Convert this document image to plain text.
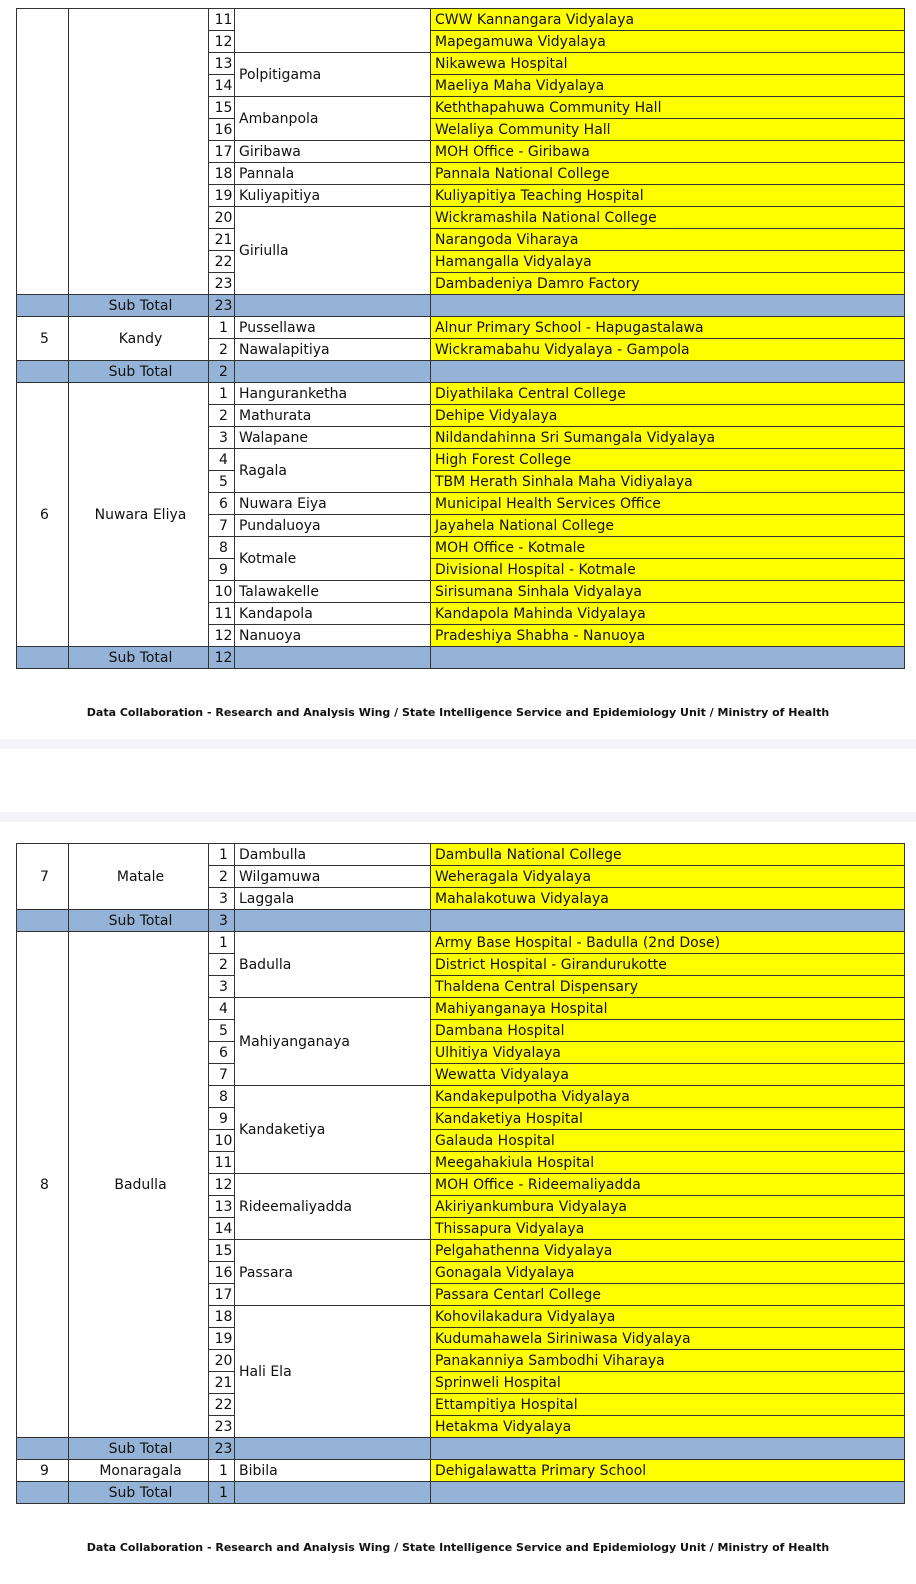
		11		CWW Kannangara Vidyalaya
		12		Mapegamuwa Vidyalaya
		13	Polpitigama	Nikawewa Hospital
		14		Maeliya Maha Vidyalaya
		15	Ambanpola	Keththapahuwa Community Hall
		16		Welaliya Community Hall
		17	Giribawa	MOH Office - Giribawa
		18	Pannala	Pannala National College
		19	Kuliyapitiya	Kuliyapitiya Teaching Hospital
		20	Giriulla	Wickramashila National College
		21		Narangoda Viharaya
		22		Hamangalla Vidyalaya
		23		Dambadeniya Damro Factory
	Sub Total	23		
5	Kandy	1	Pussellawa	Alnur Primary School - Hapugastalawa
		2	Nawalapitiya	Wickramabahu Vidyalaya - Gampola
	Sub Total	2		
6	Nuwara Eliya	1	Hanguranketha	Diyathilaka Central College
		2	Mathurata	Dehipe Vidyalaya
		3	Walapane	Nildandahinna Sri Sumangala Vidyalaya
		4	Ragala	High Forest College
		5		TBM Herath Sinhala Maha Vidiyalaya
		6	Nuwara Eiya	Municipal Health Services Office
		7	Pundaluoya	Jayahela National College
		8	Kotmale	MOH Office - Kotmale
		9		Divisional Hospital - Kotmale
		10	Talawakelle	Sirisumana Sinhala Vidyalaya
		11	Kandapola	Kandapola Mahinda Vidyalaya
		12	Nanuoya	Pradeshiya Shabha - Nanuoya
	Sub Total	12		
Data Collaboration - Research and Analysis Wing / State Intelligence Service and Epidemiology Unit / Ministry of Health
7	Matale	1	Dambulla	Dambulla National College
		2	Wilgamuwa	Weheragala Vidyalaya
		3	Laggala	Mahalakotuwa Vidyalaya
	Sub Total	3		
8	Badulla	1	Badulla	Army Base Hospital - Badulla (2nd Dose)
		2		District Hospital - Girandurukotte
		3		Thaldena Central Dispensary
		4	Mahiyanganaya	Mahiyanganaya Hospital
		5		Dambana Hospital
		6		Ulhitiya Vidyalaya
		7		Wewatta Vidyalaya
		8	Kandaketiya	Kandakepulpotha Vidyalaya
		9		Kandaketiya Hospital
		10		Galauda Hospital
		11		Meegahakiula Hospital
		12	Rideemaliyadda	MOH Office - Rideemaliyadda
		13		Akiriyankumbura Vidyalaya
		14		Thissapura Vidyalaya
		15	Passara	Pelgahathenna Vidyalaya
		16		Gonagala Vidyalaya
		17		Passara Centarl College
		18	Hali Ela	Kohovilakadura Vidyalaya
		19		Kudumahawela Siriniwasa Vidyalaya
		20		Panakanniya Sambodhi Viharaya
		21		Sprinweli Hospital
		22		Ettampitiya Hospital
		23		Hetakma Vidyalaya
	Sub Total	23		
9	Monaragala	1	Bibila	Dehigalawatta Primary School
	Sub Total	1		
Data Collaboration - Research and Analysis Wing / State Intelligence Service and Epidemiology Unit / Ministry of Health
